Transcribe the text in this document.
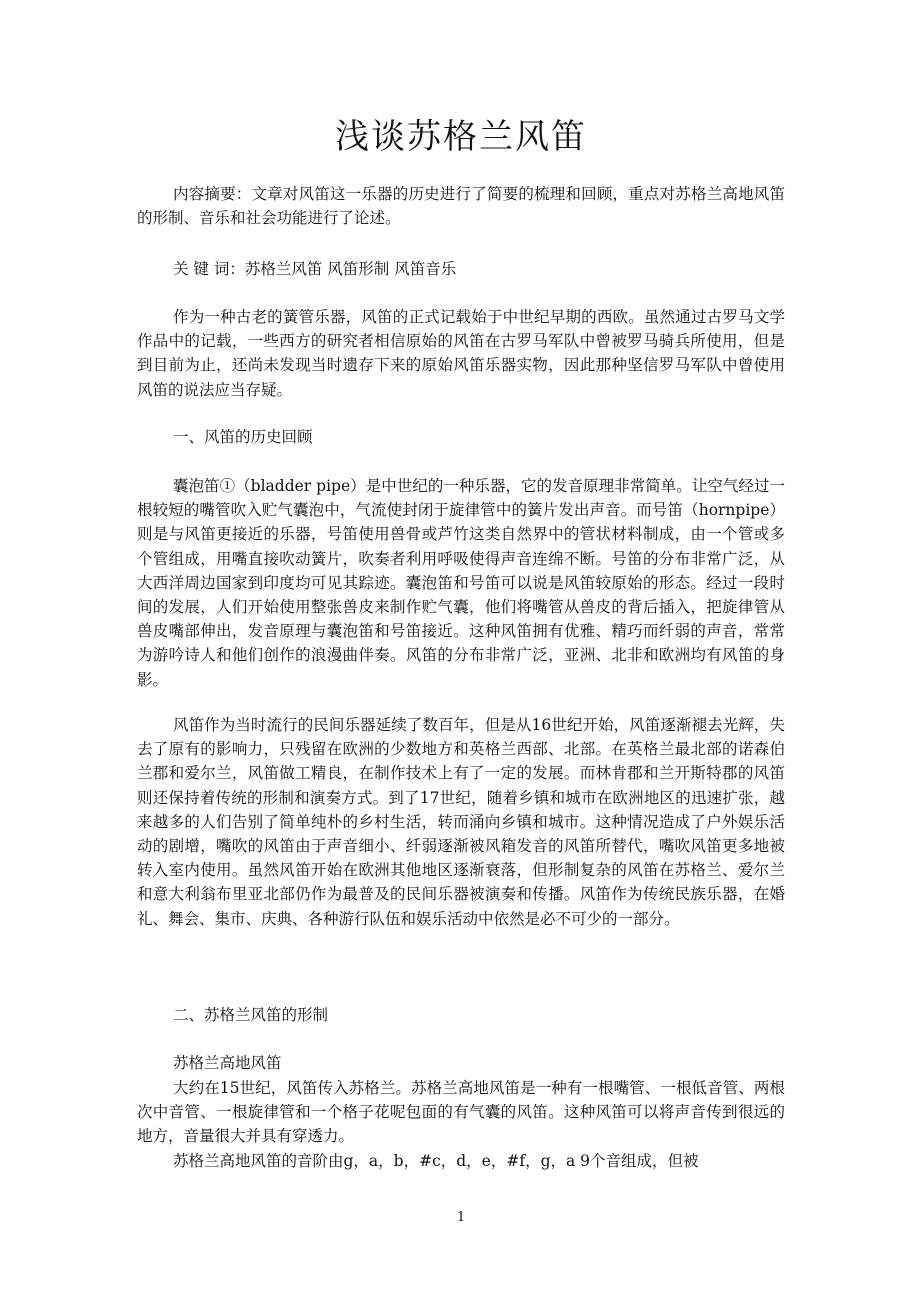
浅谈苏格兰风笛

内容摘要：文章对风笛这一乐器的历史进行了简要的梳理和回顾，重点对苏格兰高地风笛的形制、音乐和社会功能进行了论述。

关 键 词：苏格兰风笛 风笛形制 风笛音乐

作为一种古老的簧管乐器，风笛的正式记载始于中世纪早期的西欧。虽然通过古罗马文学作品中的记载，一些西方的研究者相信原始的风笛在古罗马军队中曾被罗马骑兵所使用，但是到目前为止，还尚未发现当时遗存下来的原始风笛乐器实物，因此那种坚信罗马军队中曾使用风笛的说法应当存疑。

一、风笛的历史回顾

囊泡笛①（bladder pipe）是中世纪的一种乐器，它的发音原理非常简单。让空气经过一根较短的嘴管吹入贮气囊泡中，气流使封闭于旋律管中的簧片发出声音。而号笛（hornpipe）则是与风笛更接近的乐器，号笛使用兽骨或芦竹这类自然界中的管状材料制成，由一个管或多个管组成，用嘴直接吹动簧片，吹奏者利用呼吸使得声音连绵不断。号笛的分布非常广泛，从大西洋周边国家到印度均可见其踪迹。囊泡笛和号笛可以说是风笛较原始的形态。经过一段时间的发展，人们开始使用整张兽皮来制作贮气囊，他们将嘴管从兽皮的背后插入，把旋律管从兽皮嘴部伸出，发音原理与囊泡笛和号笛接近。这种风笛拥有优雅、精巧而纤弱的声音，常常为游吟诗人和他们创作的浪漫曲伴奏。风笛的分布非常广泛，亚洲、北非和欧洲均有风笛的身影。

风笛作为当时流行的民间乐器延续了数百年，但是从16世纪开始，风笛逐渐褪去光辉，失去了原有的影响力，只残留在欧洲的少数地方和英格兰西部、北部。在英格兰最北部的诺森伯兰郡和爱尔兰，风笛做工精良，在制作技术上有了一定的发展。而林肯郡和兰开斯特郡的风笛则还保持着传统的形制和演奏方式。到了17世纪，随着乡镇和城市在欧洲地区的迅速扩张，越来越多的人们告别了简单纯朴的乡村生活，转而涌向乡镇和城市。这种情况造成了户外娱乐活动的剧增，嘴吹的风笛由于声音细小、纤弱逐渐被风箱发音的风笛所替代，嘴吹风笛更多地被转入室内使用。虽然风笛开始在欧洲其他地区逐渐衰落，但形制复杂的风笛在苏格兰、爱尔兰和意大利翁布里亚北部仍作为最普及的民间乐器被演奏和传播。风笛作为传统民族乐器，在婚礼、舞会、集市、庆典、各种游行队伍和娱乐活动中依然是必不可少的一部分。

二、苏格兰风笛的形制

苏格兰高地风笛

大约在15世纪，风笛传入苏格兰。苏格兰高地风笛是一种有一根嘴管、一根低音管、两根次中音管、一根旋律管和一个格子花呢包面的有气囊的风笛。这种风笛可以将声音传到很远的地方，音量很大并具有穿透力。

苏格兰高地风笛的音阶由g，a，b，#c，d，e，#f，g，a 9个音组成，但被

1
